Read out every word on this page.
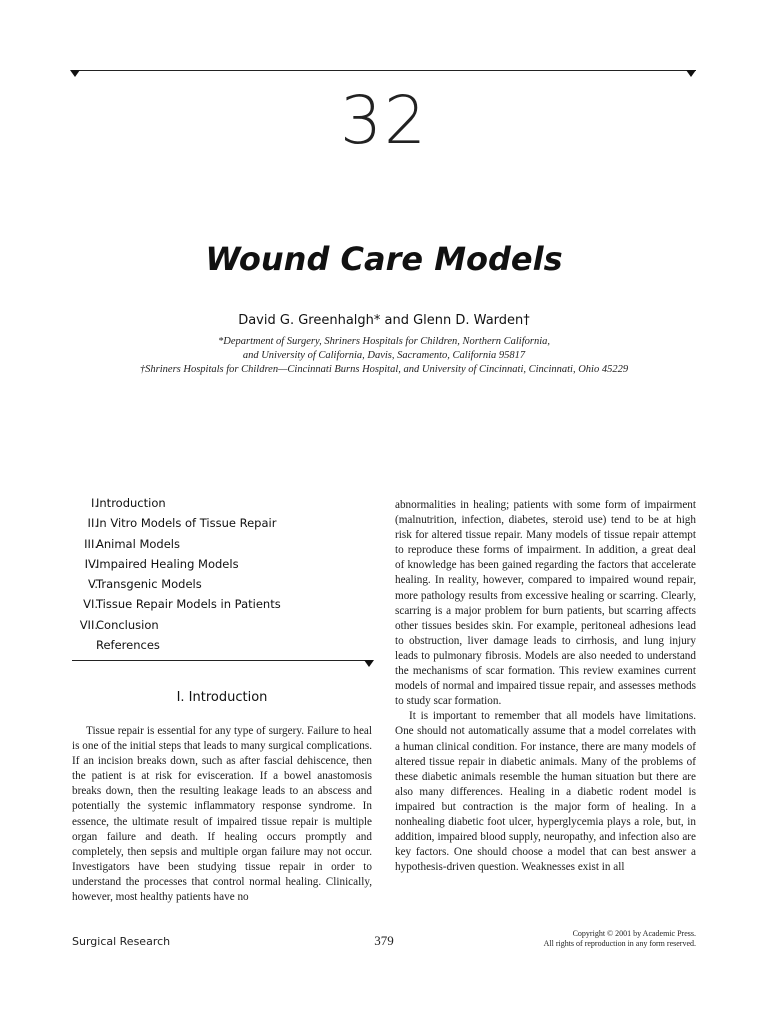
32
Wound Care Models
David G. Greenhalgh* and Glenn D. Warden†
*Department of Surgery, Shriners Hospitals for Children, Northern California,
and University of California, Davis, Sacramento, California 95817
†Shriners Hospitals for Children—Cincinnati Burns Hospital, and University of Cincinnati, Cincinnati, Ohio 45229
I.
Introduction
II.
In Vitro Models of Tissue Repair
III.
Animal Models
IV.
Impaired Healing Models
V.
Transgenic Models
VI.
Tissue Repair Models in Patients
VII.
Conclusion
References
I. Introduction

Tissue repair is essential for any type of surgery. Failure to heal is one of the initial steps that leads to many surgical complications. If an incision breaks down, such as after fascial dehiscence, then the patient is at risk for evisceration. If a bowel anastomosis breaks down, then the resulting leakage leads to an abscess and potentially the systemic inflammatory response syndrome. In essence, the ultimate result of impaired tissue repair is multiple organ failure and death. If healing occurs promptly and completely, then sepsis and multiple organ failure may not occur. Investigators have been studying tissue repair in order to understand the processes that control normal healing. Clinically, however, most healthy patients have no

abnormalities in healing; patients with some form of impairment (malnutrition, infection, diabetes, steroid use) tend to be at high risk for altered tissue repair. Many models of tissue repair attempt to reproduce these forms of impairment. In addition, a great deal of knowledge has been gained regarding the factors that accelerate healing. In reality, however, compared to impaired wound repair, more pathology results from excessive healing or scarring. Clearly, scarring is a major problem for burn patients, but scarring affects other tissues besides skin. For example, peritoneal adhesions lead to obstruction, liver damage leads to cirrhosis, and lung injury leads to pulmonary fibrosis. Models are also needed to understand the mechanisms of scar formation. This review examines current models of normal and impaired tissue repair, and assesses methods to study scar formation.

It is important to remember that all models have limitations. One should not automatically assume that a model correlates with a human clinical condition. For instance, there are many models of altered tissue repair in diabetic animals. Many of the problems of these diabetic animals resemble the human situation but there are also many differences. Healing in a diabetic rodent model is impaired but contraction is the major form of healing. In a nonhealing diabetic foot ulcer, hyperglycemia plays a role, but, in addition, impaired blood supply, neuropathy, and infection also are key factors. One should choose a model that can best answer a hypothesis-driven question. Weaknesses exist in all

Surgical Research	379	Copyright © 2001 by Academic Press.
All rights of reproduction in any form reserved.
